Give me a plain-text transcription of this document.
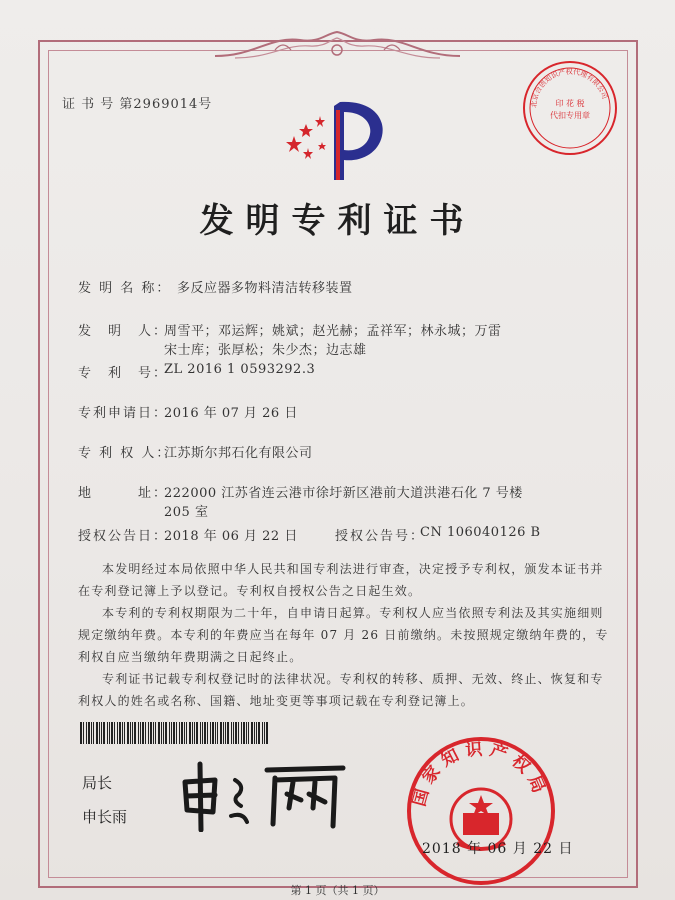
证 书 号 第2969014号	北京合创知识产权代理有限公司
印 花 税
代扣专用章
发明专利证书
发 明 名 称： 多反应器多物料清洁转移装置
发　明　人：
周雪平；邓运辉；姚斌；赵光赫；孟祥军；林永城；万雷
宋士库；张厚松；朱少杰；边志雄
专　利　号：
ZL 2016 1 0593292.3
专利申请日：
2016 年 07 月 26 日
专 利 权 人：
江苏斯尔邦石化有限公司
地　　　址：
222000 江苏省连云港市徐圩新区港前大道洪港石化 7 号楼
205 室
授权公告日：
2018 年 06 月 22 日	授权公告号：
CN 106040126 B

本发明经过本局依照中华人民共和国专利法进行审查，决定授予专利权，颁发本证书并在专利登记簿上予以登记。专利权自授权公告之日起生效。

本专利的专利权期限为二十年，自申请日起算。专利权人应当依照专利法及其实施细则规定缴纳年费。本专利的年费应当在每年 07 月 26 日前缴纳。未按照规定缴纳年费的，专利权自应当缴纳年费期满之日起终止。

专利证书记载专利权登记时的法律状况。专利权的转移、质押、无效、终止、恢复和专利权人的姓名或名称、国籍、地址变更等事项记载在专利登记簿上。

局长
申长雨
国家知识产权局
2018 年 06 月 22 日
第 1 页（共 1 页）
